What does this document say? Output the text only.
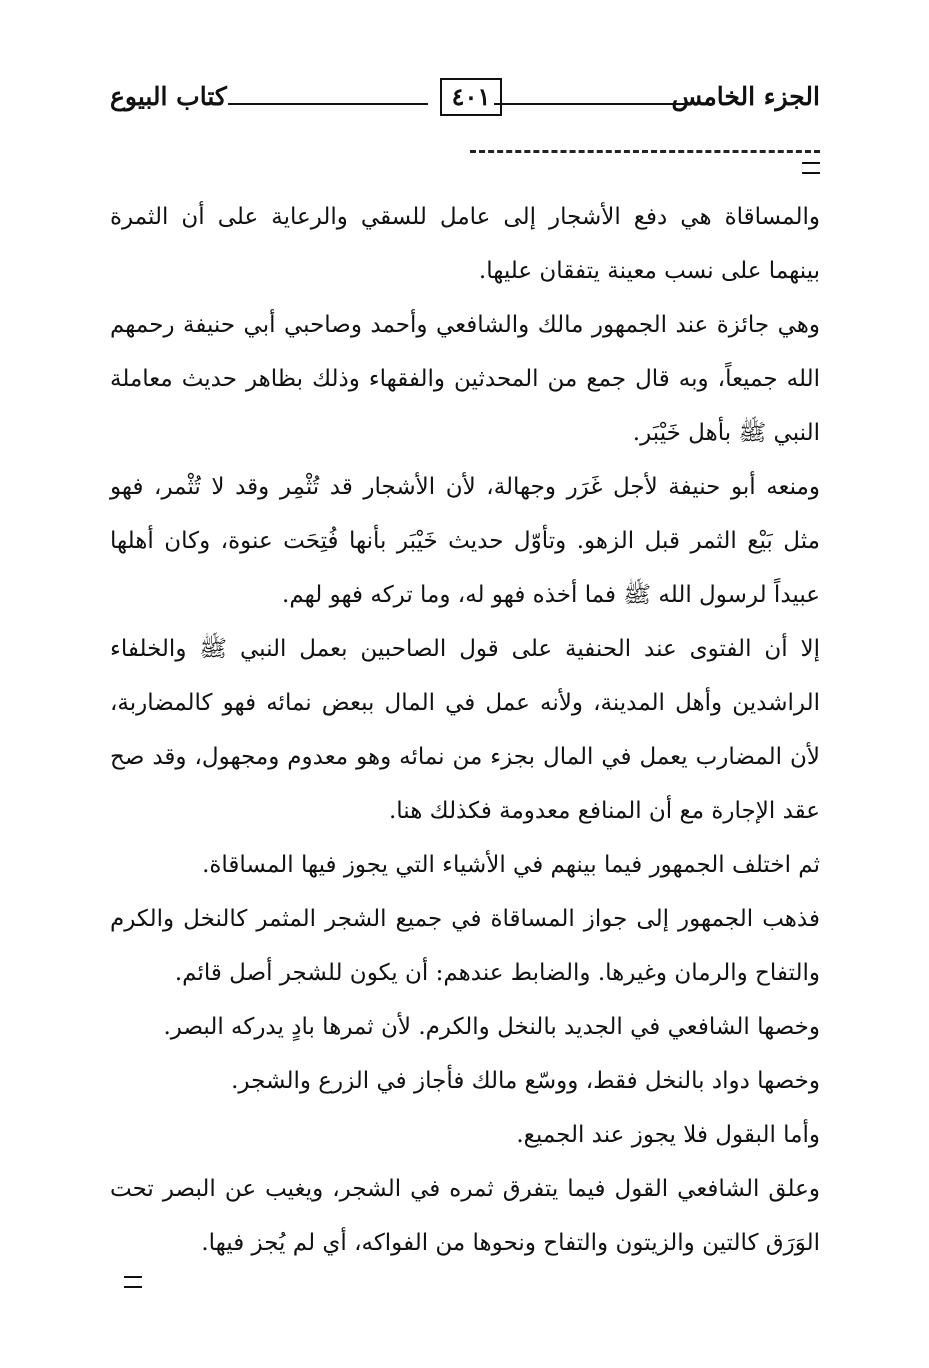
الجزء الخامس
٤٠١
كتاب البيوع

والمساقاة هي دفع الأشجار إلى عامل للسقي والرعاية على أن الثمرة بينهما على نسب معينة يتفقان عليها.

وهي جائزة عند الجمهور مالك والشافعي وأحمد وصاحبي أبي حنيفة رحمهم الله جميعاً، وبه قال جمع من المحدثين والفقهاء وذلك بظاهر حديث معاملة النبي ﷺ بأهل خَيْبَر.

ومنعه أبو حنيفة لأجل غَرَر وجهالة، لأن الأشجار قد تُثْمِر وقد لا تُثْمر، فهو مثل بَيْع الثمر قبل الزهو. وتأوّل حديث خَيْبَر بأنها فُتِحَت عنوة، وكان أهلها عبيداً لرسول الله ﷺ فما أخذه فهو له، وما تركه فهو لهم.

إلا أن الفتوى عند الحنفية على قول الصاحبين بعمل النبي ﷺ والخلفاء الراشدين وأهل المدينة، ولأنه عمل في المال ببعض نمائه فهو كالمضاربة، لأن المضارب يعمل في المال بجزء من نمائه وهو معدوم ومجهول، وقد صح عقد الإجارة مع أن المنافع معدومة فكذلك هنا.

ثم اختلف الجمهور فيما بينهم في الأشياء التي يجوز فيها المساقاة.

فذهب الجمهور إلى جواز المساقاة في جميع الشجر المثمر كالنخل والكرم والتفاح والرمان وغيرها. والضابط عندهم: أن يكون للشجر أصل قائم.

وخصها الشافعي في الجديد بالنخل والكرم. لأن ثمرها بادٍ يدركه البصر.

وخصها دواد بالنخل فقط، ووسّع مالك فأجاز في الزرع والشجر.

وأما البقول فلا يجوز عند الجميع.

وعلق الشافعي القول فيما يتفرق ثمره في الشجر، ويغيب عن البصر تحت الوَرَق كالتين والزيتون والتفاح ونحوها من الفواكه، أي لم يُجز فيها.
